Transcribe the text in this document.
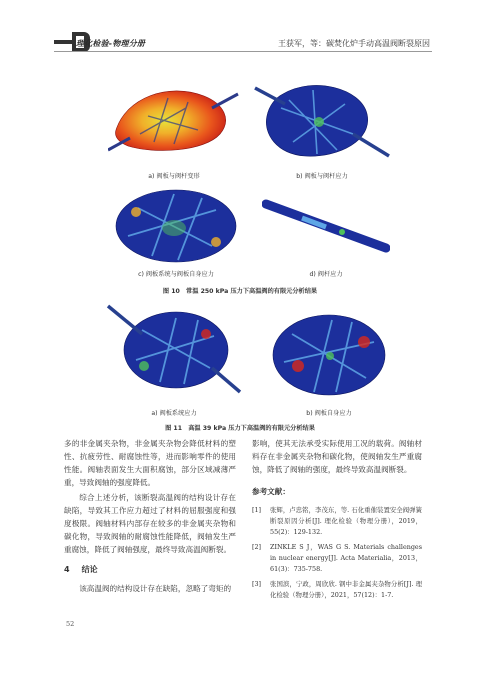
理化检验-物理分册	王获军，等：碳焚化炉手动高温阀断裂原因
a) 阀板与阀杆变形	b) 阀板与阀杆应力
c) 阀板系统与阀板自身应力	d) 阀杆应力
图 10　常温 250 kPa 压力下高温阀的有限元分析结果
a) 阀板系统应力	b) 阀板自身应力
图 11　高温 39 kPa 压力下高温阀的有限元分析结果

多的非金属夹杂物，非金属夹杂物会降低材料的塑性、抗疲劳性、耐腐蚀性等，进而影响零件的使用性能。阀轴表面发生大面积腐蚀，部分区域减薄严重，导致阀轴的强度降低。

综合上述分析，该断裂高温阀的结构设计存在缺陷，导致其工作应力超过了材料的屈服强度和强度极限。阀轴材料内部存在较多的非金属夹杂物和碳化物，导致阀轴的耐腐蚀性能降低，阀轴发生严重腐蚀，降低了阀轴强度，最终导致高温阀断裂。

4 结论

该高温阀的结构设计存在缺陷，忽略了弯矩的

影响，使其无法承受实际使用工况的载荷。阀轴材料存在非金属夹杂物和碳化物，使阀轴发生严重腐蚀，降低了阀轴的强度，最终导致高温阀断裂。

参考文献：
[1]	张辉，卢忠铭，李茂东，等. 石化重催装置安全阀弹簧断裂原因分析[J]. 理化检验（物理分册），2019，55(2)：129-132.
[2]	ZINKLE S J，WAS G S. Materials challenges in nuclear energy[J]. Acta Materialia，2013，61(3)：735-758.
[3]	张国滨，宁政，周欣欣. 钢中非金属夹杂物分析[J]. 理化检验（物理分册），2021，57(12)：1-7.
52
